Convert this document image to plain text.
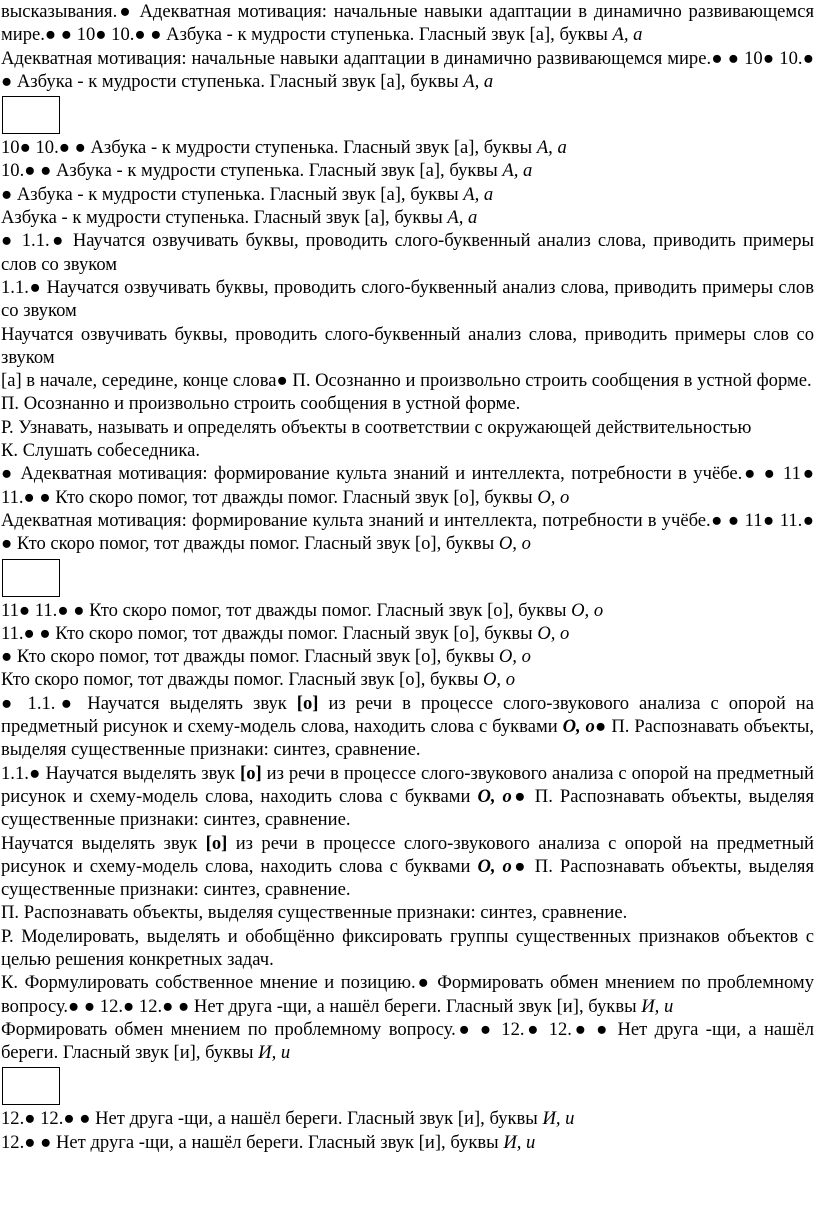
высказывания.● Адекватная мотивация: начальные навыки адаптации в динамично развивающемся мире.● ● 10● 10.● ● Азбука - к мудрости ступенька. Гласный звук [а], буквы А, а

Адекватная мотивация: начальные навыки адаптации в динамично развивающемся мире.● ● 10● 10.● ● Азбука - к мудрости ступенька. Гласный звук [а], буквы А, а

10● 10.● ● Азбука - к мудрости ступенька. Гласный звук [а], буквы А, а

10.● ● Азбука - к мудрости ступенька. Гласный звук [а], буквы А, а

● Азбука - к мудрости ступенька. Гласный звук [а], буквы А, а

Азбука - к мудрости ступенька. Гласный звук [а], буквы А, а

● 1.1.● Научатся озвучивать буквы, проводить слого-буквенный анализ слова, приводить примеры слов со звуком

1.1.● Научатся озвучивать буквы, проводить слого-буквенный анализ слова, приводить примеры слов со звуком

Научатся озвучивать буквы, проводить слого-буквенный анализ слова, приводить примеры слов со звуком

[а] в начале, середине, конце слова● П. Осознанно и произвольно строить сообщения в устной форме.

П. Осознанно и произвольно строить сообщения в устной форме.

Р. Узнавать, называть и определять объекты в соответствии с окружающей действительностью

К. Слушать собеседника.

● Адекватная мотивация: формирование культа знаний и интеллекта, потребности в учёбе.● ● 11● 11.● ● Кто скоро помог, тот дважды помог. Гласный звук [о], буквы О, о

Адекватная мотивация: формирование культа знаний и интеллекта, потребности в учёбе.● ● 11● 11.● ● Кто скоро помог, тот дважды помог. Гласный звук [о], буквы О, о

11● 11.● ● Кто скоро помог, тот дважды помог. Гласный звук [о], буквы О, о

11.● ● Кто скоро помог, тот дважды помог. Гласный звук [о], буквы О, о

● Кто скоро помог, тот дважды помог. Гласный звук [о], буквы О, о

Кто скоро помог, тот дважды помог. Гласный звук [о], буквы О, о

● 1.1.● Научатся выделять звук [о] из речи в процессе слого-звукового анализа с опорой на предметный рисунок и схему-модель слова, находить слова с буквами О, о● П. Распознавать объекты, выделяя существенные признаки: синтез, сравнение.

1.1.● Научатся выделять звук [о] из речи в процессе слого-звукового анализа с опорой на предметный рисунок и схему-модель слова, находить слова с буквами О, о● П. Распознавать объекты, выделяя существенные признаки: синтез, сравнение.

Научатся выделять звук [о] из речи в процессе слого-звукового анализа с опорой на предметный рисунок и схему-модель слова, находить слова с буквами О, о● П. Распознавать объекты, выделяя существенные признаки: синтез, сравнение.

П. Распознавать объекты, выделяя существенные признаки: синтез, сравнение.

Р. Моделировать, выделять и обобщённо фиксировать группы существенных признаков объектов с целью решения конкретных задач.

К. Формулировать собственное мнение и позицию.● Формировать обмен мнением по проблемному вопросу.● ● 12.● 12.● ● Нет друга -щи, а нашёл береги. Гласный звук [и], буквы И, и

Формировать обмен мнением по проблемному вопросу.● ● 12.● 12.● ● Нет друга -щи, а нашёл береги. Гласный звук [и], буквы И, и

12.● 12.● ● Нет друга -щи, а нашёл береги. Гласный звук [и], буквы И, и

12.● ● Нет друга -щи, а нашёл береги. Гласный звук [и], буквы И, и
